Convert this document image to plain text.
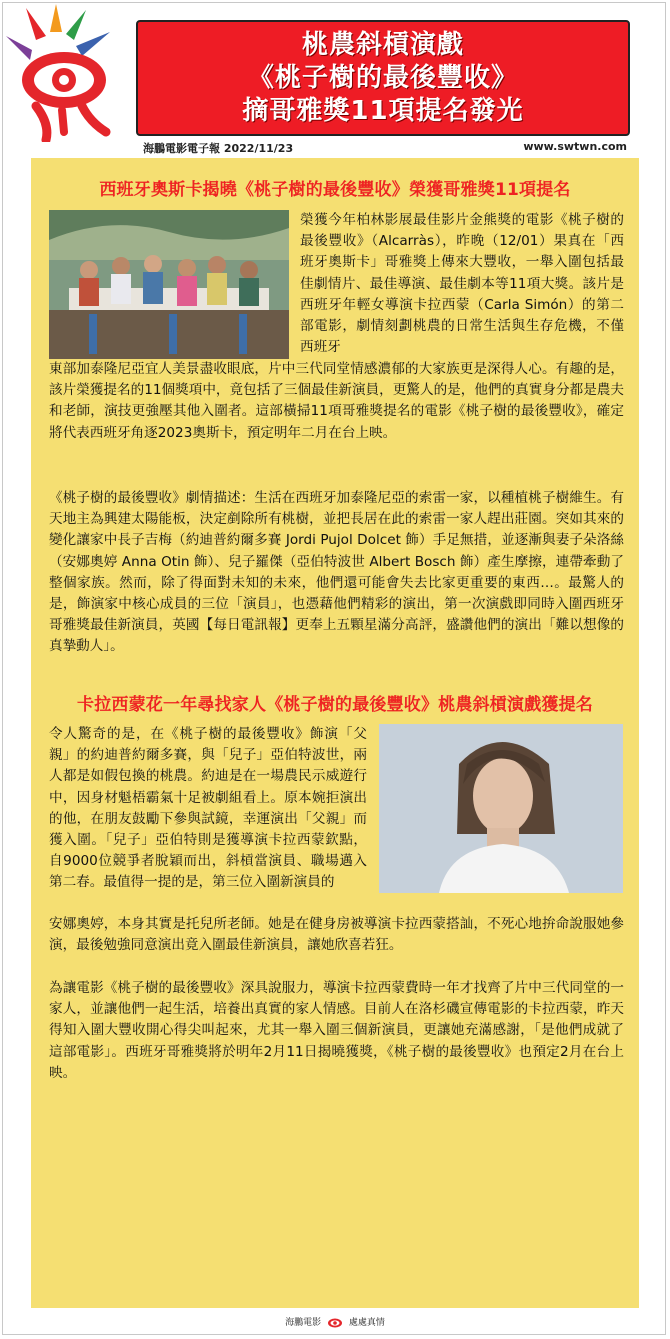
桃農斜槓演戲
《桃子樹的最後豐收》
摘哥雅獎11項提名發光
海鵬電影電子報 2022/11/23	www.swtwn.com
西班牙奧斯卡揭曉《桃子樹的最後豐收》榮獲哥雅獎11項提名
榮獲今年柏林影展最佳影片金熊獎的電影《桃子樹的最後豐收》（Alcarràs），昨晚（12/01）果真在「西班牙奧斯卡」哥雅獎上傳來大豐收，一舉入圍包括最佳劇情片、最佳導演、最佳劇本等11項大獎。該片是西班牙年輕女導演卡拉西蒙（Carla Simón）的第二部電影，劇情刻劃桃農的日常生活與生存危機，不僅西班牙
東部加泰隆尼亞宜人美景盡收眼底，片中三代同堂情感濃郁的大家族更是深得人心。有趣的是，該片榮獲提名的11個獎項中，竟包括了三個最佳新演員，更驚人的是，他們的真實身分都是農夫和老師，演技更強壓其他入圍者。這部橫掃11項哥雅獎提名的電影《桃子樹的最後豐收》，確定將代表西班牙角逐2023奧斯卡，預定明年二月在台上映。
《桃子樹的最後豐收》劇情描述：生活在西班牙加泰隆尼亞的索雷一家，以種植桃子樹維生。有天地主為興建太陽能板，決定剷除所有桃樹，並把長居在此的索雷一家人趕出莊園。突如其來的變化讓家中長子吉梅（約迪普約爾多賽 Jordi Pujol Dolcet 飾）手足無措，並逐漸與妻子朵洛絲（安娜奧婷 Anna Otin 飾）、兒子羅傑（亞伯特波世 Albert Bosch 飾）產生摩擦，連帶牽動了整個家族。然而，除了得面對未知的未來，他們還可能會失去比家更重要的東西…。最驚人的是，飾演家中核心成員的三位「演員」，也憑藉他們精彩的演出，第一次演戲即同時入圍西班牙哥雅獎最佳新演員，英國【每日電訊報】更奉上五顆星滿分高評，盛讚他們的演出「難以想像的真摯動人」。
卡拉西蒙花一年尋找家人《桃子樹的最後豐收》桃農斜槓演戲獲提名
令人驚奇的是，在《桃子樹的最後豐收》飾演「父親」的約迪普約爾多賽，與「兒子」亞伯特波世，兩人都是如假包換的桃農。約迪是在一場農民示威遊行中，因身材魁梧霸氣十足被劇組看上。原本婉拒演出的他，在朋友鼓勵下參與試鏡，幸運演出「父親」而獲入圍。「兒子」亞伯特則是獲導演卡拉西蒙欽點，自9000位競爭者脫穎而出，斜槓當演員、職場邁入第二春。最值得一提的是，第三位入圍新演員的
安娜奧婷，本身其實是托兒所老師。她是在健身房被導演卡拉西蒙搭訕，不死心地拚命說服她參演，最後勉強同意演出竟入圍最佳新演員，讓她欣喜若狂。
為讓電影《桃子樹的最後豐收》深具說服力，導演卡拉西蒙費時一年才找齊了片中三代同堂的一家人，並讓他們一起生活，培養出真實的家人情感。目前人在洛杉磯宣傳電影的卡拉西蒙，昨天得知入圍大豐收開心得尖叫起來，尤其一舉入圍三個新演員，更讓她充滿感謝，「是他們成就了這部電影」。西班牙哥雅獎將於明年2月11日揭曉獲獎，《桃子樹的最後豐收》也預定2月在台上映。
海鵬電影	處處真情
